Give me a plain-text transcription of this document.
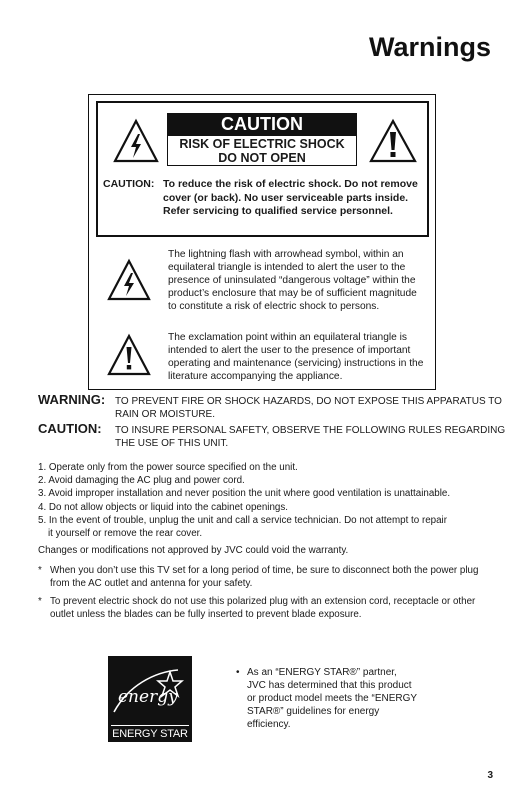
Warnings
CAUTION
RISK OF ELECTRIC SHOCK
DO NOT OPEN
CAUTION: To reduce the risk of electric shock. Do not remove cover (or back). No user serviceable parts inside. Refer servicing to qualified service personnel.
The lightning flash with arrowhead symbol, within an equilateral triangle is intended to alert the user to the presence of uninsulated “dangerous voltage” within the product’s enclosure that may be of sufficient magnitude to constitute a risk of electric shock to persons.
The exclamation point within an equilateral triangle is intended to alert the user to the presence of important operating and maintenance (servicing) instructions in the literature accompanying the appliance.
WARNING: TO PREVENT FIRE OR SHOCK HAZARDS, DO NOT EXPOSE THIS APPARATUS TO RAIN OR MOISTURE.
CAUTION: TO INSURE PERSONAL SAFETY, OBSERVE THE FOLLOWING RULES REGARDING THE USE OF THIS UNIT.
1. Operate only from the power source specified on the unit.
2. Avoid damaging the AC plug and power cord.
3. Avoid improper installation and never position the unit where good ventilation is unattainable.
4. Do not allow objects or liquid into the cabinet openings.
5. In the event of trouble, unplug the unit and call a service technician. Do not attempt to repair
it yourself or remove the rear cover.
Changes or modifications not approved by JVC could void the warranty.
* When you don’t use this TV set for a long period of time, be sure to disconnect both the power plug from the AC outlet and antenna for your safety.
* To prevent electric shock do not use this polarized plug with an extension cord, receptacle or other outlet unless the blades can be fully inserted to prevent blade exposure.
energy
ENERGY STAR
• As an “ENERGY STAR®” partner, JVC has determined that this product or product model meets the “ENERGY STAR®” guidelines for energy efficiency.
3
